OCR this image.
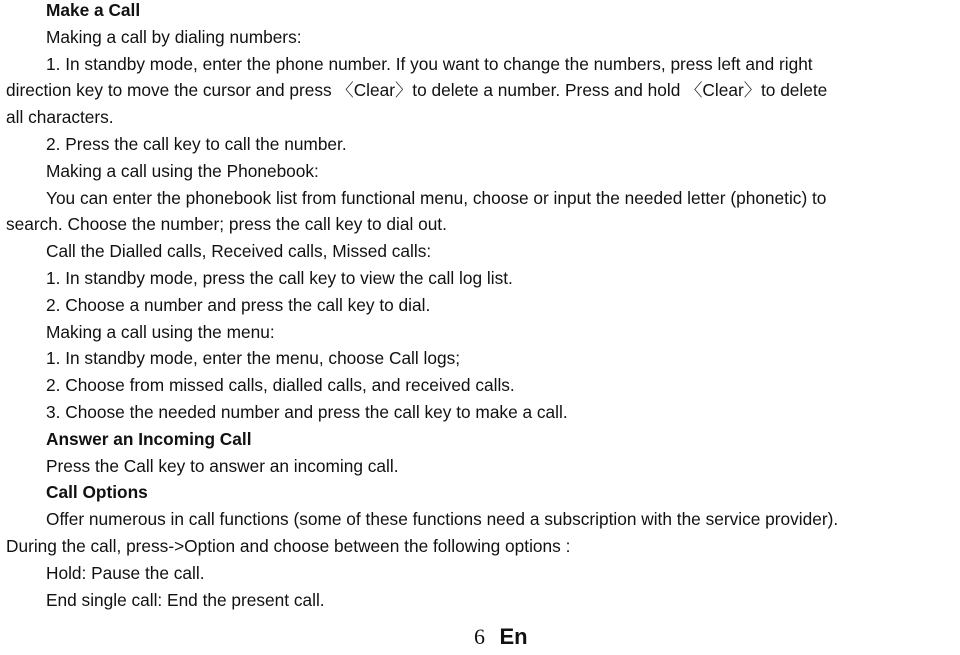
Make a Call
Making a call by dialing numbers:
1. In standby mode, enter the phone number. If you want to change the numbers, press left and right
direction key to move the cursor and press 〈Clear〉to delete a number. Press and hold 〈Clear〉to delete
all characters.
2. Press the call key to call the number.
Making a call using the Phonebook:
You can enter the phonebook list from functional menu, choose or input the needed letter (phonetic) to
search. Choose the number; press the call key to dial out.
Call the Dialled calls, Received calls, Missed calls:
1. In standby mode, press the call key to view the call log list.
2. Choose a number and press the call key to dial.
Making a call using the menu:
1. In standby mode, enter the menu, choose Call logs;
2. Choose from missed calls, dialled calls, and received calls.
3. Choose the needed number and press the call key to make a call.
Answer an Incoming Call
Press the Call key to answer an incoming call.
Call Options
Offer numerous in call functions (some of these functions need a subscription with the service provider).
During the call, press->Option and choose between the following options :
Hold: Pause the call.
End single call: End the present call.
6 En
